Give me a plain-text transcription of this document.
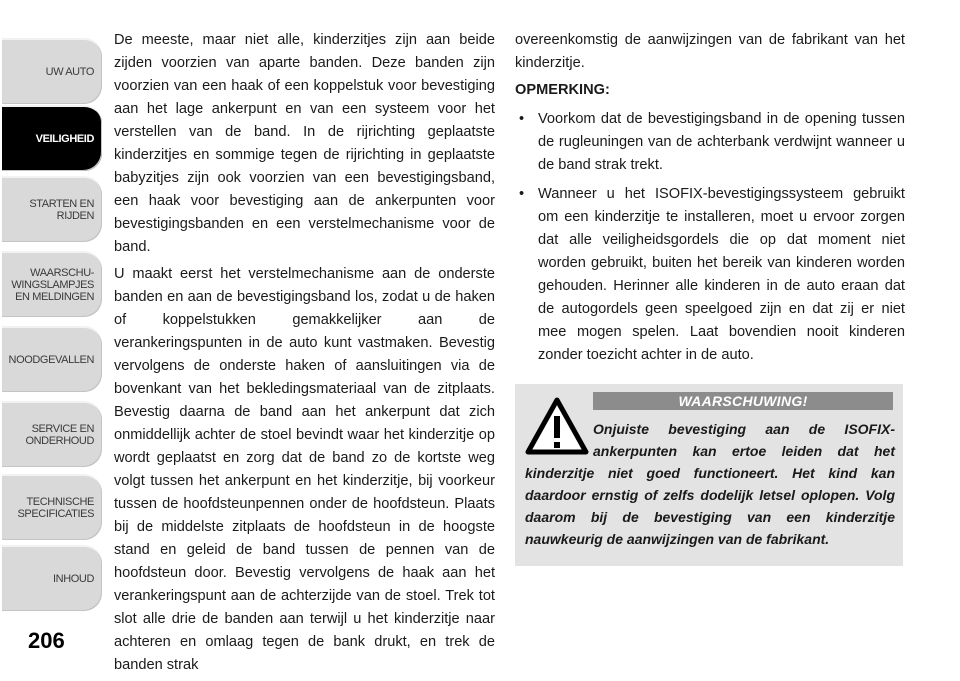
UW AUTO
VEILIGHEID
STARTEN EN
RIJDEN
WAARSCHU-
WINGSLAMPJES
EN MELDINGEN
NOODGEVALLEN
SERVICE EN
ONDERHOUD
TECHNISCHE
SPECIFICATIES
INHOUD
206

De meeste, maar niet alle, kinderzitjes zijn aan beide zijden voorzien van aparte banden. Deze banden zijn voorzien van een haak of een koppelstuk voor bevestiging aan het lage ankerpunt en van een systeem voor het verstellen van de band. In de rijrichting geplaatste kinderzitjes en sommige tegen de rijrichting in geplaatste babyzitjes zijn ook voorzien van een bevestigingsband, een haak voor bevestiging aan de ankerpunten voor bevestigingsbanden en een verstelmechanisme voor de band.

U maakt eerst het verstelmechanisme aan de onderste banden en aan de bevestigingsband los, zodat u de haken of koppelstukken gemakkelijker aan de verankeringspunten in de auto kunt vastmaken. Bevestig vervolgens de onderste haken of aansluitingen via de bovenkant van het bekledingsmateriaal van de zitplaats. Bevestig daarna de band aan het ankerpunt dat zich onmiddellijk achter de stoel bevindt waar het kinderzitje op wordt geplaatst en zorg dat de band zo de kortste weg volgt tussen het ankerpunt en het kinderzitje, bij voorkeur tussen de hoofdsteunpennen onder de hoofdsteun. Plaats bij de middelste zitplaats de hoofdsteun in de hoogste stand en geleid de band tussen de pennen van de hoofdsteun door. Bevestig vervolgens de haak aan het verankeringspunt aan de achterzijde van de stoel. Trek tot slot alle drie de banden aan terwijl u het kinderzitje naar achteren en omlaag tegen de bank drukt, en trek de banden strak

overeenkomstig de aanwijzingen van de fabrikant van het kinderzitje.

OPMERKING:
• Voorkom dat de bevestigingsband in de opening tussen de rugleuningen van de achterbank verdwijnt wanneer u de band strak trekt.
• Wanneer u het ISOFIX-bevestigingssysteem gebruikt om een kinderzitje te installeren, moet u ervoor zorgen dat alle veiligheidsgordels die op dat moment niet worden gebruikt, buiten het bereik van kinderen worden gehouden. Herinner alle kinderen in de auto eraan dat de autogordels geen speelgoed zijn en dat zij er niet mee mogen spelen. Laat bovendien nooit kinderen zonder toezicht achter in de auto.
WAARSCHUWING!
Onjuiste bevestiging aan de ISOFIX-ankerpunten kan ertoe leiden dat het kinderzitje niet goed functioneert. Het kind kan daardoor ernstig of zelfs dodelijk letsel oplopen. Volg daarom bij de bevestiging van een kinderzitje nauwkeurig de aanwijzingen van de fabrikant.
